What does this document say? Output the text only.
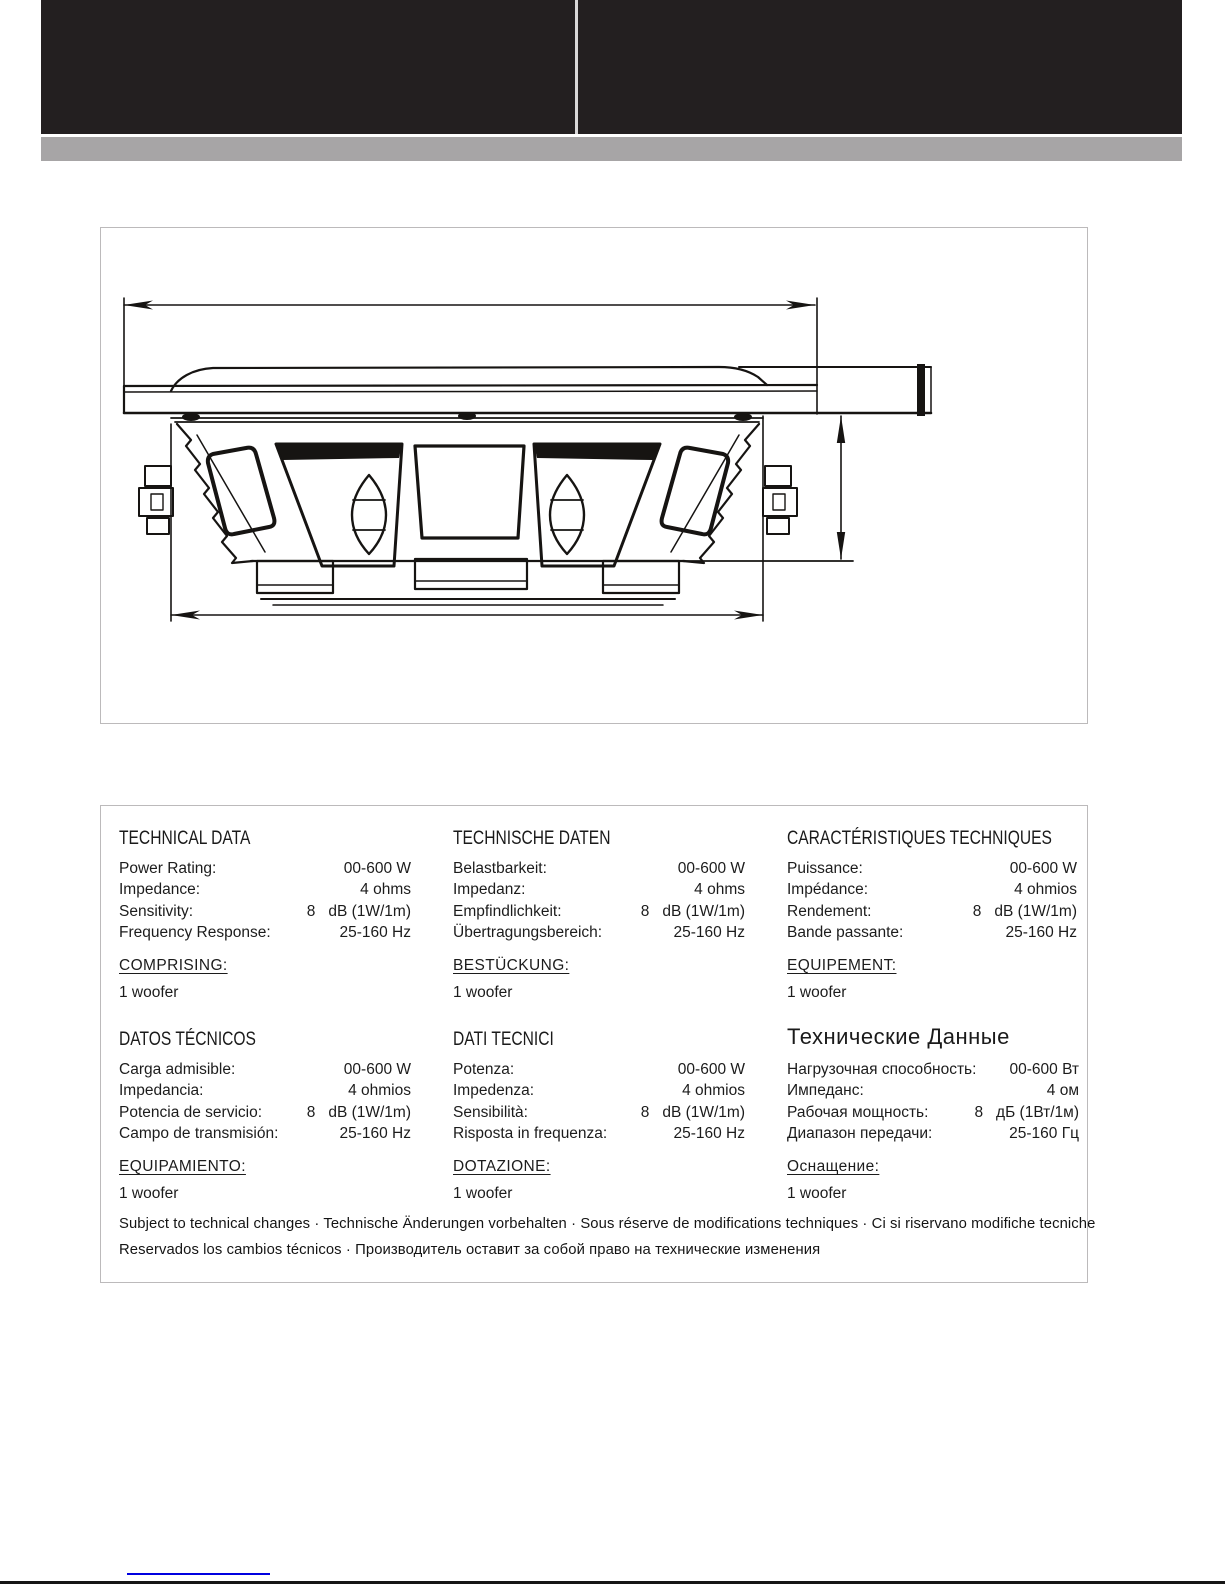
TECHNICAL DATA
Power Rating:	00-600 W
Impedance:	4 ohms
Sensitivity:	8   dB (1W/1m)
Frequency Response:	25-160 Hz
COMPRISING:
1 woofer
TECHNISCHE DATEN
Belastbarkeit:	00-600 W
Impedanz:	4 ohms
Empfindlichkeit:	8   dB (1W/1m)
Übertragungsbereich:	25-160 Hz
BESTÜCKUNG:
1 woofer
CARACTÉRISTIQUES TECHNIQUES
Puissance:	00-600 W
Impédance:	4 ohmios
Rendement:	8   dB (1W/1m)
Bande passante:	25-160 Hz
EQUIPEMENT:
1 woofer
DATOS TÉCNICOS
Carga admisible:	00-600 W
Impedancia:	4 ohmios
Potencia de servicio:	8   dB (1W/1m)
Campo de transmisión:	25-160 Hz
EQUIPAMIENTO:
1 woofer
DATI TECNICI
Potenza:	00-600 W
Impedenza:	4 ohmios
Sensibilità:	8   dB (1W/1m)
Risposta in frequenza:	25-160 Hz
DOTAZIONE:
1 woofer
Технические Данные
Нагрузочная способность: 00-600 Вт
Импеданс:	4 ом
Рабочая мощность:	8   дБ (1Вт/1м)
Диапазон передачи:	25-160 Гц
Оснащение:
1 woofer
Subject to technical changes · Technische Änderungen vorbehalten · Sous réserve de modifications techniques · Ci si riservano modifiche tecniche
Reservados los cambios técnicos · Производитель оставит за собой право на технические изменения
